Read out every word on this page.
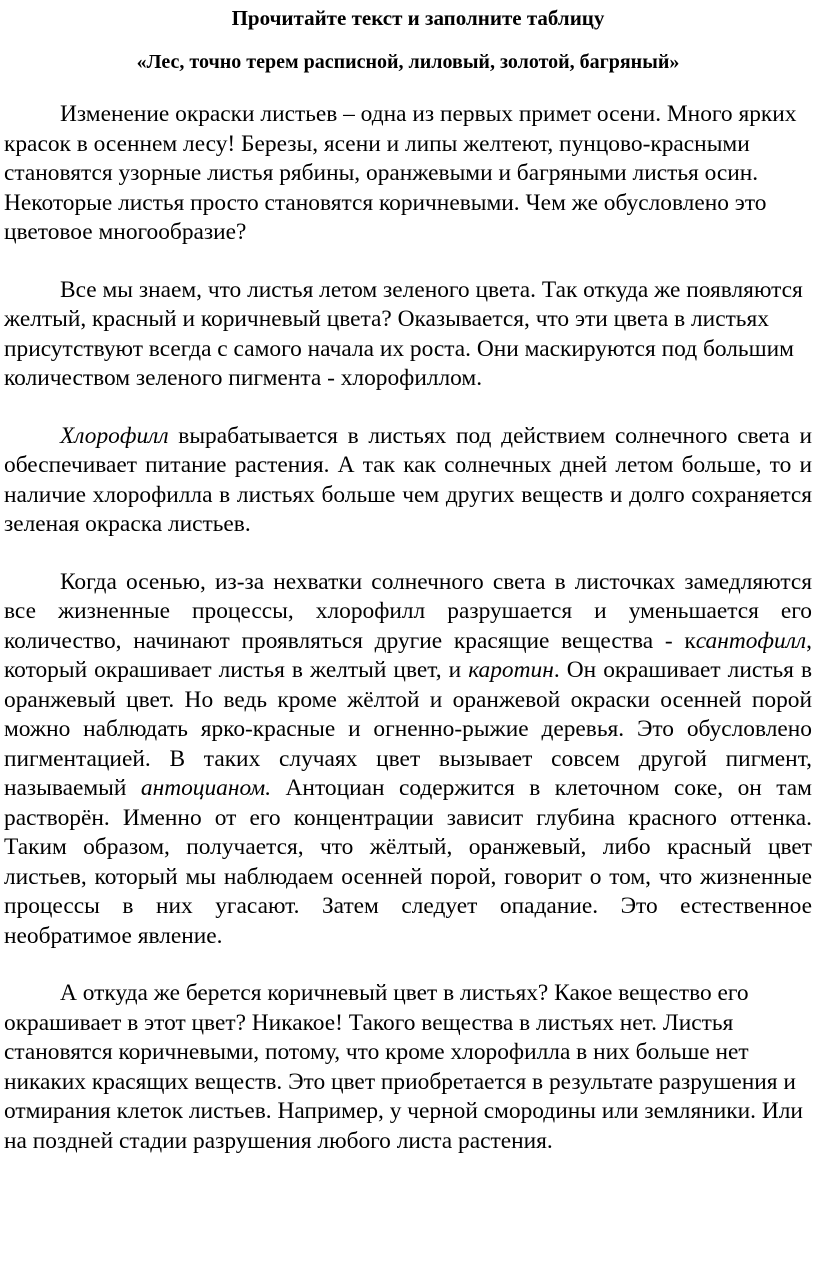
Прочитайте текст и заполните таблицу
«Лес, точно терем расписной, лиловый, золотой, багряный»

Изменение окраски листьев – одна из первых примет осени. Много ярких красок в осеннем лесу! Березы, ясени и липы желтеют, пунцово-красными становятся узорные листья рябины, оранжевыми и багряными листья осин. Некоторые листья просто становятся коричневыми. Чем же обусловлено это цветовое многообразие?

Все мы знаем, что листья летом зеленого цвета. Так откуда же появляются желтый, красный и коричневый цвета? Оказывается, что эти цвета в листьях присутствуют всегда с самого начала их роста. Они маскируются под большим количеством зеленого пигмента - хлорофиллом.

Хлорофилл вырабатывается в листьях под действием солнечного света и обеспечивает питание растения. А так как солнечных дней летом больше, то и наличие хлорофилла в листьях больше чем других веществ и долго сохраняется зеленая окраска листьев.

Когда осенью, из-за нехватки солнечного света в листочках замедляются все жизненные процессы, хлорофилл разрушается и уменьшается его количество, начинают проявляться другие красящие вещества - ксантофилл, который окрашивает листья в желтый цвет, и каротин. Он окрашивает листья в оранжевый цвет. Но ведь кроме жёлтой и оранжевой окраски осенней порой можно наблюдать ярко-красные и огненно-рыжие деревья. Это обусловлено пигментацией. В таких случаях цвет вызывает совсем другой пигмент, называемый антоцианом. Антоциан содержится в клеточном соке, он там растворён. Именно от его концентрации зависит глубина красного оттенка. Таким образом, получается, что жёлтый, оранжевый, либо красный цвет листьев, который мы наблюдаем осенней порой, говорит о том, что жизненные процессы в них угасают. Затем следует опадание. Это естественное необратимое явление.

А откуда же берется коричневый цвет в листьях? Какое вещество его окрашивает в этот цвет? Никакое! Такого вещества в листьях нет. Листья становятся коричневыми, потому, что кроме хлорофилла в них больше нет никаких красящих веществ. Это цвет приобретается в результате разрушения и отмирания клеток листьев. Например, у черной смородины или земляники. Или на поздней стадии разрушения любого листа растения.
